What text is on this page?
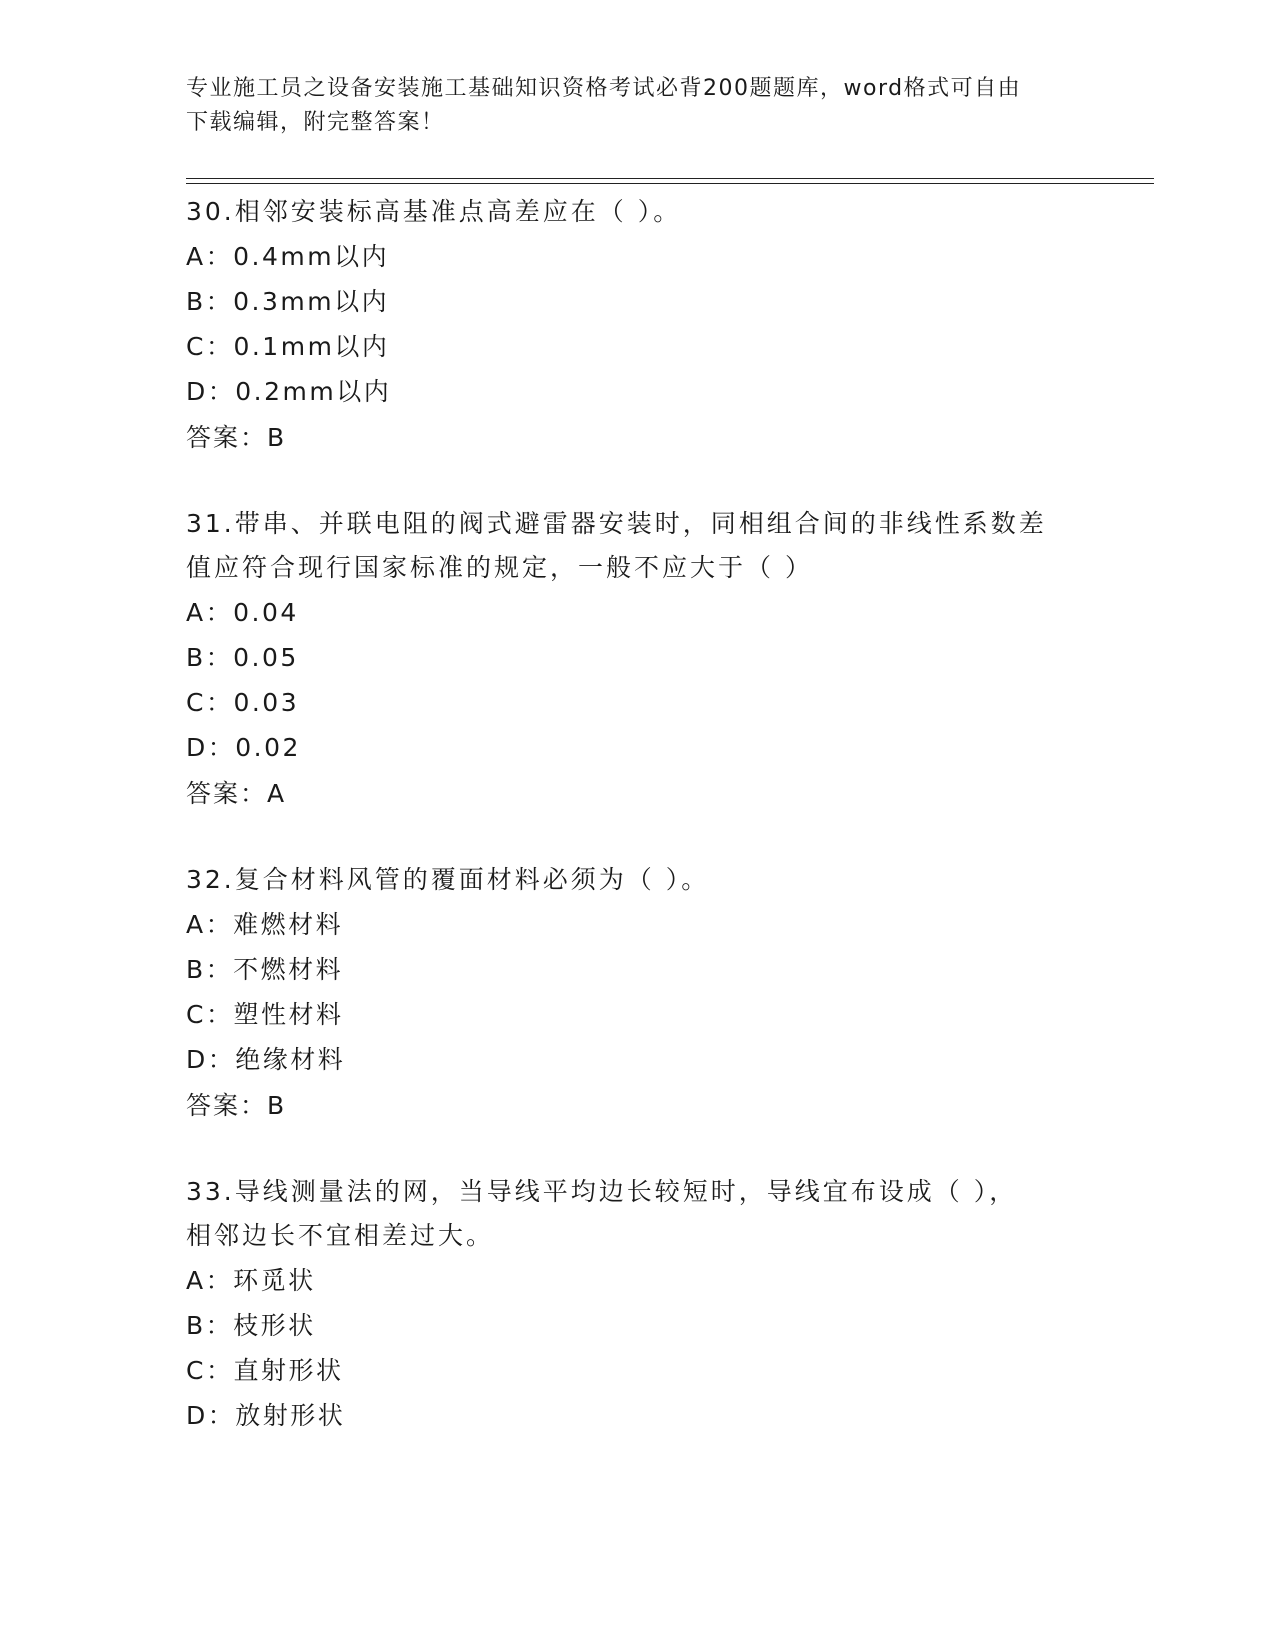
专业施工员之设备安装施工基础知识资格考试必背200题题库，word格式可自由
下载编辑，附完整答案！

30.相邻安装标高基准点高差应在（ ）。

A：0.4mm以内

B：0.3mm以内

C：0.1mm以内

D：0.2mm以内

答案：B

31.带串、并联电阻的阀式避雷器安装时，同相组合间的非线性系数差

值应符合现行国家标准的规定，一般不应大于（ ）

A：0.04

B：0.05

C：0.03

D：0.02

答案：A

32.复合材料风管的覆面材料必须为（ ）。

A：难燃材料

B：不燃材料

C：塑性材料

D：绝缘材料

答案：B

33.导线测量法的网，当导线平均边长较短时，导线宜布设成（ ），

相邻边长不宜相差过大。

A：环觅状

B：枝形状

C：直射形状

D：放射形状
